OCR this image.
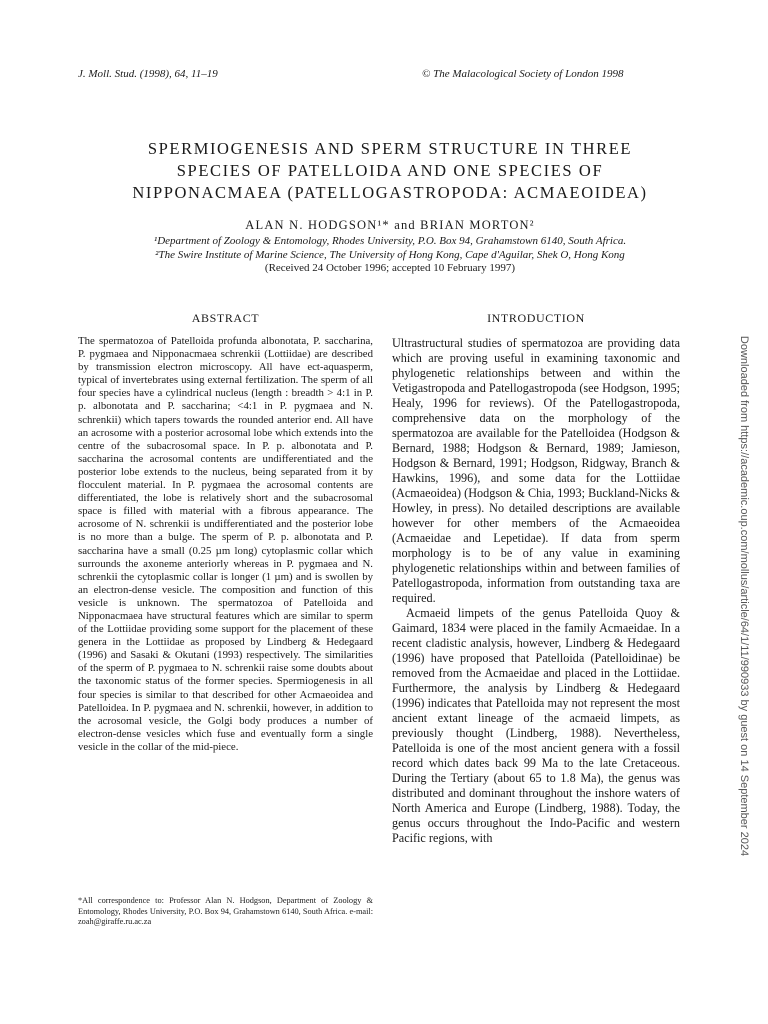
J. Moll. Stud. (1998), 64, 11–19	© The Malacological Society of London 1998
SPERMIOGENESIS AND SPERM STRUCTURE IN THREE
SPECIES OF PATELLOIDA AND ONE SPECIES OF
NIPPONACMAEA (PATELLOGASTROPODA: ACMAEOIDEA)
ALAN N. HODGSON¹* and BRIAN MORTON²
¹Department of Zoology & Entomology, Rhodes University, P.O. Box 94, Grahamstown 6140, South Africa.
²The Swire Institute of Marine Science, The University of Hong Kong, Cape d'Aguilar, Shek O, Hong Kong
(Received 24 October 1996; accepted 10 February 1997)
ABSTRACT	INTRODUCTION

The spermatozoa of Patelloida profunda albonotata, P. saccharina, P. pygmaea and Nipponacmaea schrenkii (Lottiidae) are described by transmission electron microscopy. All have ect-aquasperm, typical of invertebrates using external fertilization. The sperm of all four species have a cylindrical nucleus (length : breadth > 4:1 in P. p. albonotata and P. saccharina; <4:1 in P. pygmaea and N. schrenkii) which tapers towards the rounded anterior end. All have an acrosome with a posterior acrosomal lobe which extends into the centre of the subacrosomal space. In P. p. albonotata and P. saccharina the acrosomal contents are undifferentiated and the posterior lobe extends to the nucleus, being separated from it by flocculent material. In P. pygmaea the acrosomal contents are differentiated, the lobe is relatively short and the subacrosomal space is filled with material with a fibrous appearance. The acrosome of N. schrenkii is undifferentiated and the posterior lobe is no more than a bulge. The sperm of P. p. albonotata and P. saccharina have a small (0.25 µm long) cytoplasmic collar which surrounds the axoneme anteriorly whereas in P. pygmaea and N. schrenkii the cytoplasmic collar is longer (1 µm) and is swollen by an electron-dense vesicle. The composition and function of this vesicle is unknown. The spermatozoa of Patelloida and Nipponacmaea have structural features which are similar to sperm of the Lottiidae providing some support for the placement of these genera in the Lottiidae as proposed by Lindberg & Hedegaard (1996) and Sasaki & Okutani (1993) respectively. The similarities of the sperm of P. pygmaea to N. schrenkii raise some doubts about the taxonomic status of the former species. Spermiogenesis in all four species is similar to that described for other Acmaeoidea and Patelloidea. In P. pygmaea and N. schrenkii, however, in addition to the acrosomal vesicle, the Golgi body produces a number of electron-dense vesicles which fuse and eventually form a single vesicle in the collar of the mid-piece.

*All correspondence to: Professor Alan N. Hodgson, Department of Zoology & Entomology, Rhodes University, P.O. Box 94, Grahamstown 6140, South Africa. e-mail: zoah@giraffe.ru.ac.za

Ultrastructural studies of spermatozoa are providing data which are proving useful in examining taxonomic and phylogenetic relationships between and within the Vetigastropoda and Patellogastropoda (see Hodgson, 1995; Healy, 1996 for reviews). Of the Patellogastropoda, comprehensive data on the morphology of the spermatozoa are available for the Patelloidea (Hodgson & Bernard, 1988; Hodgson & Bernard, 1989; Jamieson, Hodgson & Bernard, 1991; Hodgson, Ridgway, Branch & Hawkins, 1996), and some data for the Lottiidae (Acmaeoidea) (Hodgson & Chia, 1993; Buckland-Nicks & Howley, in press). No detailed descriptions are available however for other members of the Acmaeoidea (Acmaeidae and Lepetidae). If data from sperm morphology is to be of any value in examining phylogenetic relationships within and between families of Patellogastropoda, information from outstanding taxa are required.

Acmaeid limpets of the genus Patelloida Quoy & Gaimard, 1834 were placed in the family Acmaeidae. In a recent cladistic analysis, however, Lindberg & Hedegaard (1996) have proposed that Patelloida (Patelloidinae) be removed from the Acmaeidae and placed in the Lottiidae. Furthermore, the analysis by Lindberg & Hedegaard (1996) indicates that Patelloida may not represent the most ancient extant lineage of the acmaeid limpets, as previously thought (Lindberg, 1988). Nevertheless, Patelloida is one of the most ancient genera with a fossil record which dates back 99 Ma to the late Cretaceous. During the Tertiary (about 65 to 1.8 Ma), the genus was distributed and dominant throughout the inshore waters of North America and Europe (Lindberg, 1988). Today, the genus occurs throughout the Indo-Pacific and western Pacific regions, with	Downloaded from https://academic.oup.com/mollus/article/64/1/11/990933 by guest on 14 September 2024
